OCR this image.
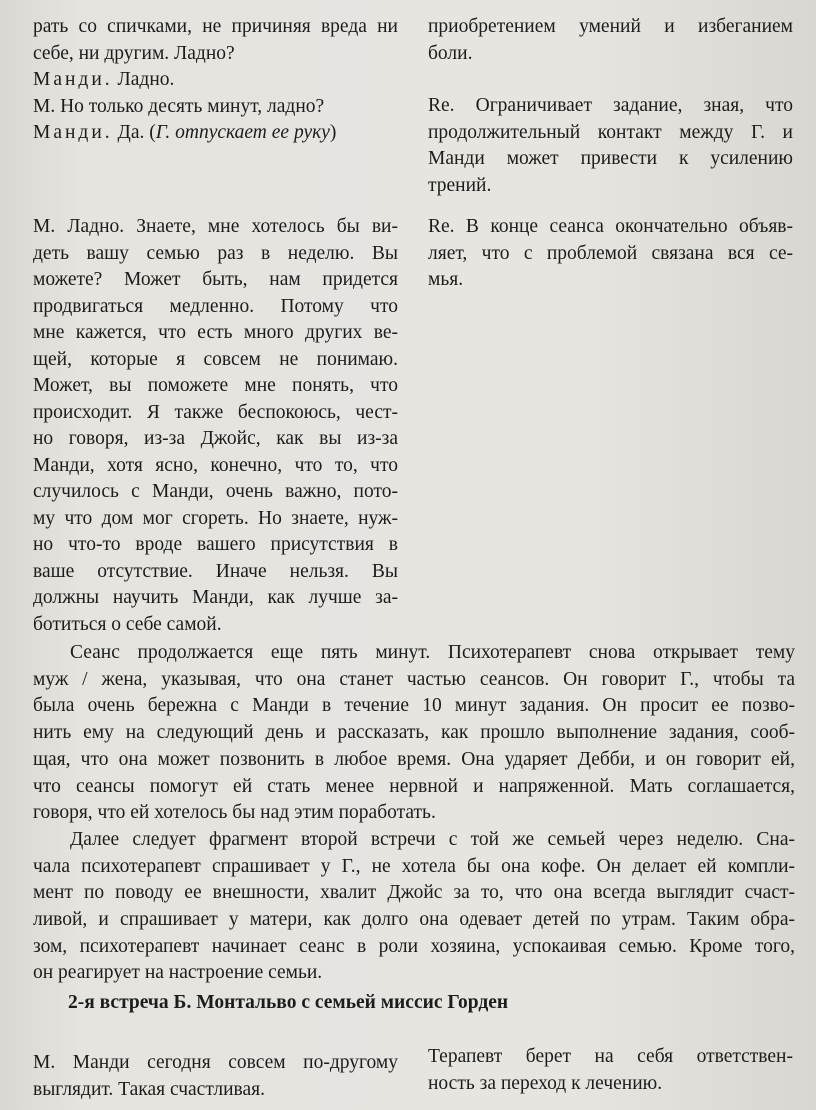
рать со спичками, не причиняя вреда ни
себе, ни другим. Ладно?
Манди. Ладно.
М. Но только десять минут, ладно?
Манди. Да. (Г. отпускает ее руку)
приобретением умений и избеганием
боли.
Re. Ограничивает задание, зная, что
продолжительный контакт между Г. и
Манди может привести к усилению
трений.
М. Ладно. Знаете, мне хотелось бы ви-
деть вашу семью раз в неделю. Вы
можете? Может быть, нам придется
продвигаться медленно. Потому что
мне кажется, что есть много других ве-
щей, которые я совсем не понимаю.
Может, вы поможете мне понять, что
происходит. Я также беспокоюсь, чест-
но говоря, из-за Джойс, как вы из-за
Манди, хотя ясно, конечно, что то, что
случилось с Манди, очень важно, пото-
му что дом мог сгореть. Но знаете, нуж-
но что-то вроде вашего присутствия в
ваше отсутствие. Иначе нельзя. Вы
должны научить Манди, как лучше за-
ботиться о себе самой.
Re. В конце сеанса окончательно объяв-
ляет, что с проблемой связана вся се-
мья.
Сеанс продолжается еще пять минут. Психотерапевт снова открывает тему
муж / жена, указывая, что она станет частью сеансов. Он говорит Г., чтобы та
была очень бережна с Манди в течение 10 минут задания. Он просит ее позво-
нить ему на следующий день и рассказать, как прошло выполнение задания, сооб-
щая, что она может позвонить в любое время. Она ударяет Дебби, и он говорит ей,
что сеансы помогут ей стать менее нервной и напряженной. Мать соглашается,
говоря, что ей хотелось бы над этим поработать.
Далее следует фрагмент второй встречи с той же семьей через неделю. Сна-
чала психотерапевт спрашивает у Г., не хотела бы она кофе. Он делает ей компли-
мент по поводу ее внешности, хвалит Джойс за то, что она всегда выглядит счаст-
ливой, и спрашивает у матери, как долго она одевает детей по утрам. Таким обра-
зом, психотерапевт начинает сеанс в роли хозяина, успокаивая семью. Кроме того,
он реагирует на настроение семьи.
2-я встреча Б. Монтальво с семьей миссис Горден
М. Манди сегодня совсем по-другому
выглядит. Такая счастливая.
Терапевт берет на себя ответствен-
ность за переход к лечению.
